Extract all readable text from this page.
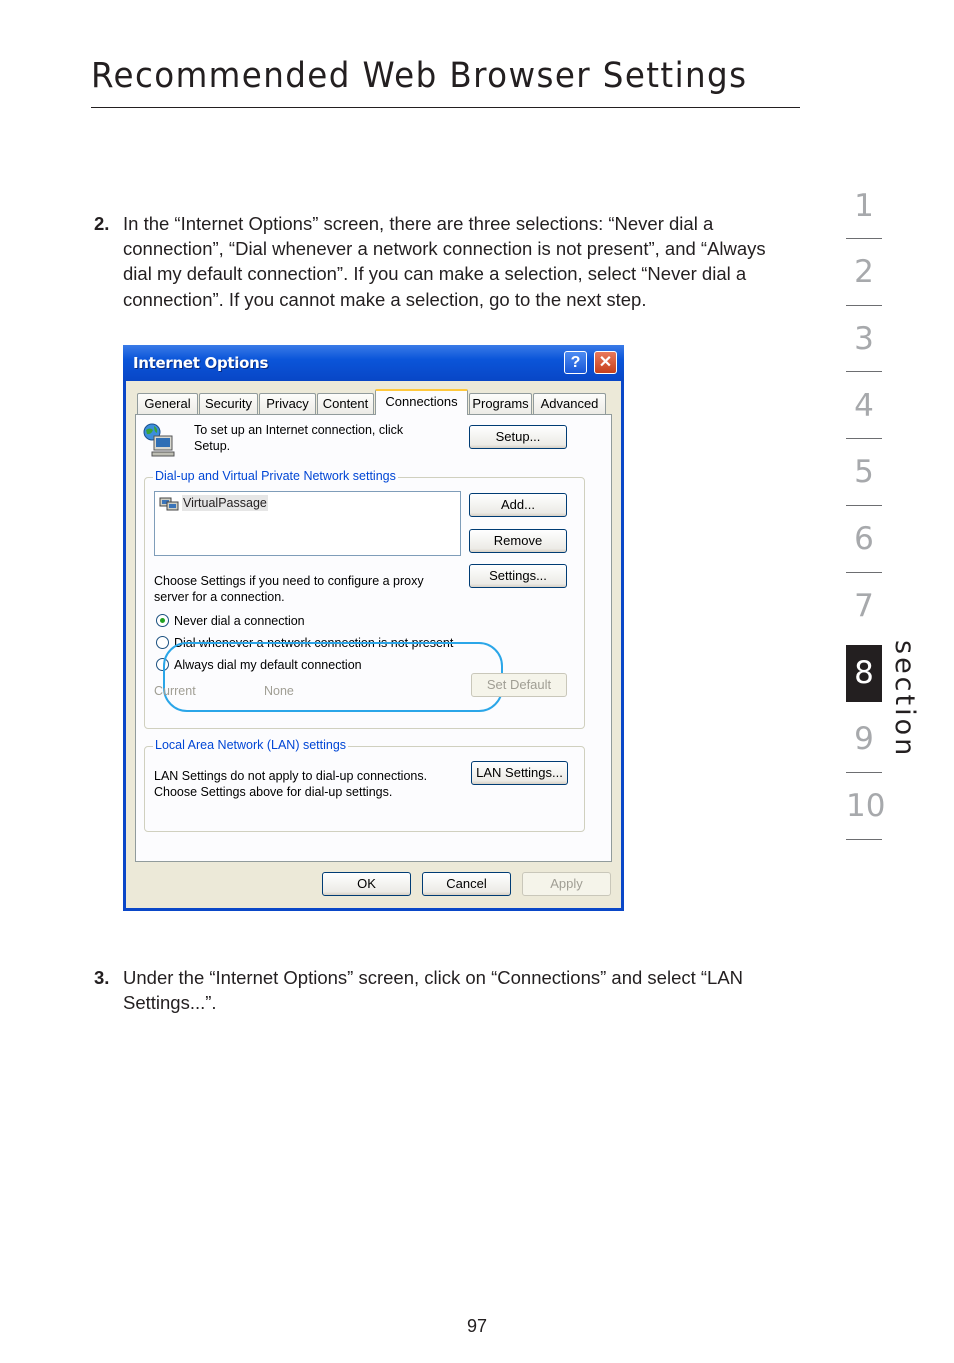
Recommended Web Browser Settings
2. In the “Internet Options” screen, there are three selections: “Never dial a connection”, “Dial whenever a network connection is not present”, and “Always dial my default connection”. If you can make a selection, select “Never dial a connection”. If you cannot make a selection, go to the next step.
Internet Options	?	✕
General	Security	Privacy	Content	Connections	Programs Advanced
To set up an Internet connection, click Setup.
Setup...
Dial-up and Virtual Private Network settings
VirtualPassage	Add...
Remove
Choose Settings if you need to configure a proxy server for a connection.
Settings...
Never dial a connection
Dial whenever a network connection is not present
Always dial my default connection
Current	None	Set Default
Local Area Network (LAN) settings
LAN Settings do not apply to dial-up connections. Choose Settings above for dial-up settings.
LAN Settings...
OK	Cancel	Apply
3. Under the “Internet Options” screen, click on “Connections” and select “LAN Settings...”.
1
2
3
4
5
6
7
8
9
10
section
97
